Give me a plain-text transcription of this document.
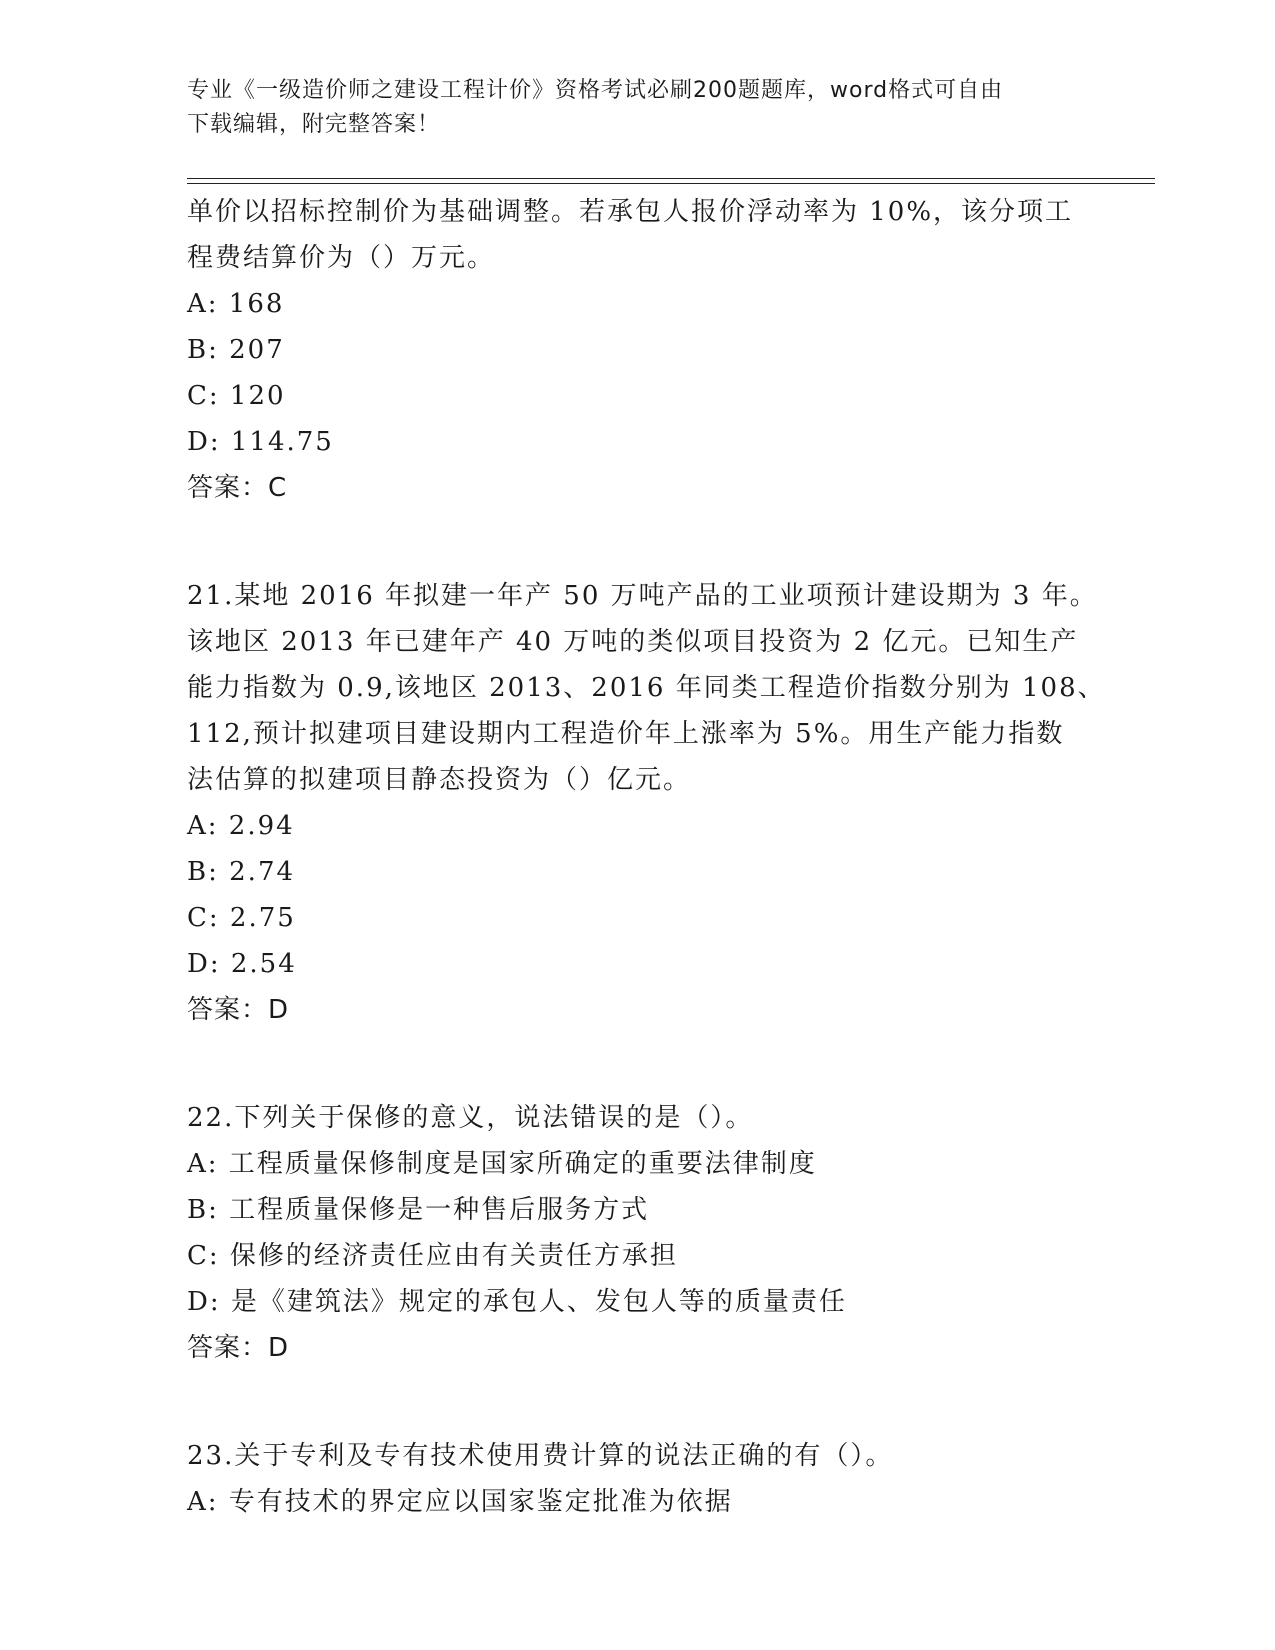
专业《一级造价师之建设工程计价》资格考试必刷200题题库，word格式可自由
下载编辑，附完整答案！
单价以招标控制价为基础调整。若承包人报价浮动率为 10%，该分项工
程费结算价为（）万元。
A: 168
B: 207
C: 120
D: 114.75
答案：C
21.某地 2016 年拟建一年产 50 万吨产品的工业项预计建设期为 3 年。
该地区 2013 年已建年产 40 万吨的类似项目投资为 2 亿元。已知生产
能力指数为 0.9,该地区 2013、2016 年同类工程造价指数分别为 108、
112,预计拟建项目建设期内工程造价年上涨率为 5%。用生产能力指数
法估算的拟建项目静态投资为（）亿元。
A: 2.94
B: 2.74
C: 2.75
D: 2.54
答案：D
22.下列关于保修的意义，说法错误的是（）。
A: 工程质量保修制度是国家所确定的重要法律制度
B: 工程质量保修是一种售后服务方式
C: 保修的经济责任应由有关责任方承担
D: 是《建筑法》规定的承包人、发包人等的质量责任
答案：D
23.关于专利及专有技术使用费计算的说法正确的有（）。
A: 专有技术的界定应以国家鉴定批准为依据
